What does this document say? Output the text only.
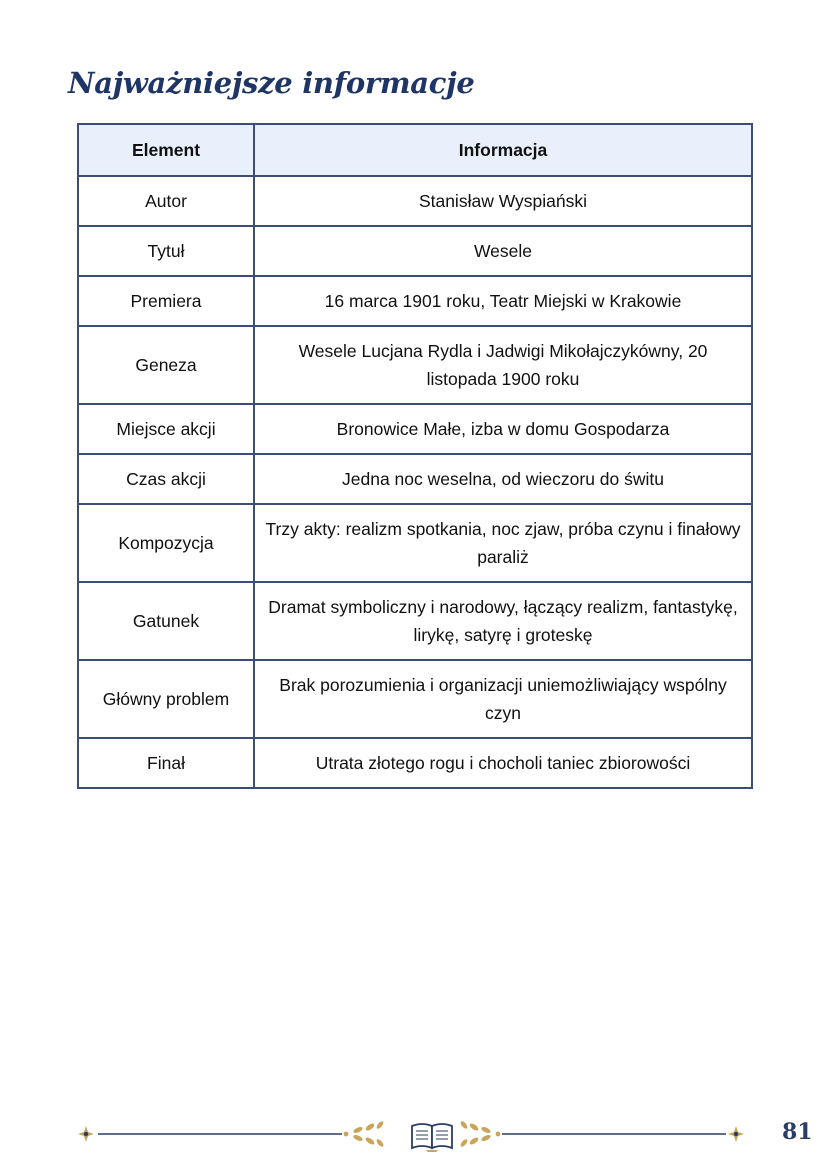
Najważniejsze informacje
Element	Informacja
Autor	Stanisław Wyspiański
Tytuł	Wesele
Premiera	16 marca 1901 roku, Teatr Miejski w Krakowie
Geneza	Wesele Lucjana Rydla i Jadwigi Mikołajczykówny, 20 listopada 1900 roku
Miejsce akcji	Bronowice Małe, izba w domu Gospodarza
Czas akcji	Jedna noc weselna, od wieczoru do świtu
Kompozycja	Trzy akty: realizm spotkania, noc zjaw, próba czynu i finałowy paraliż
Gatunek	Dramat symboliczny i narodowy, łączący realizm, fantastykę, lirykę, satyrę i groteskę
Główny problem	Brak porozumienia i organizacji uniemożliwiający wspólny czyn
Finał	Utrata złotego rogu i chocholi taniec zbiorowości
81
